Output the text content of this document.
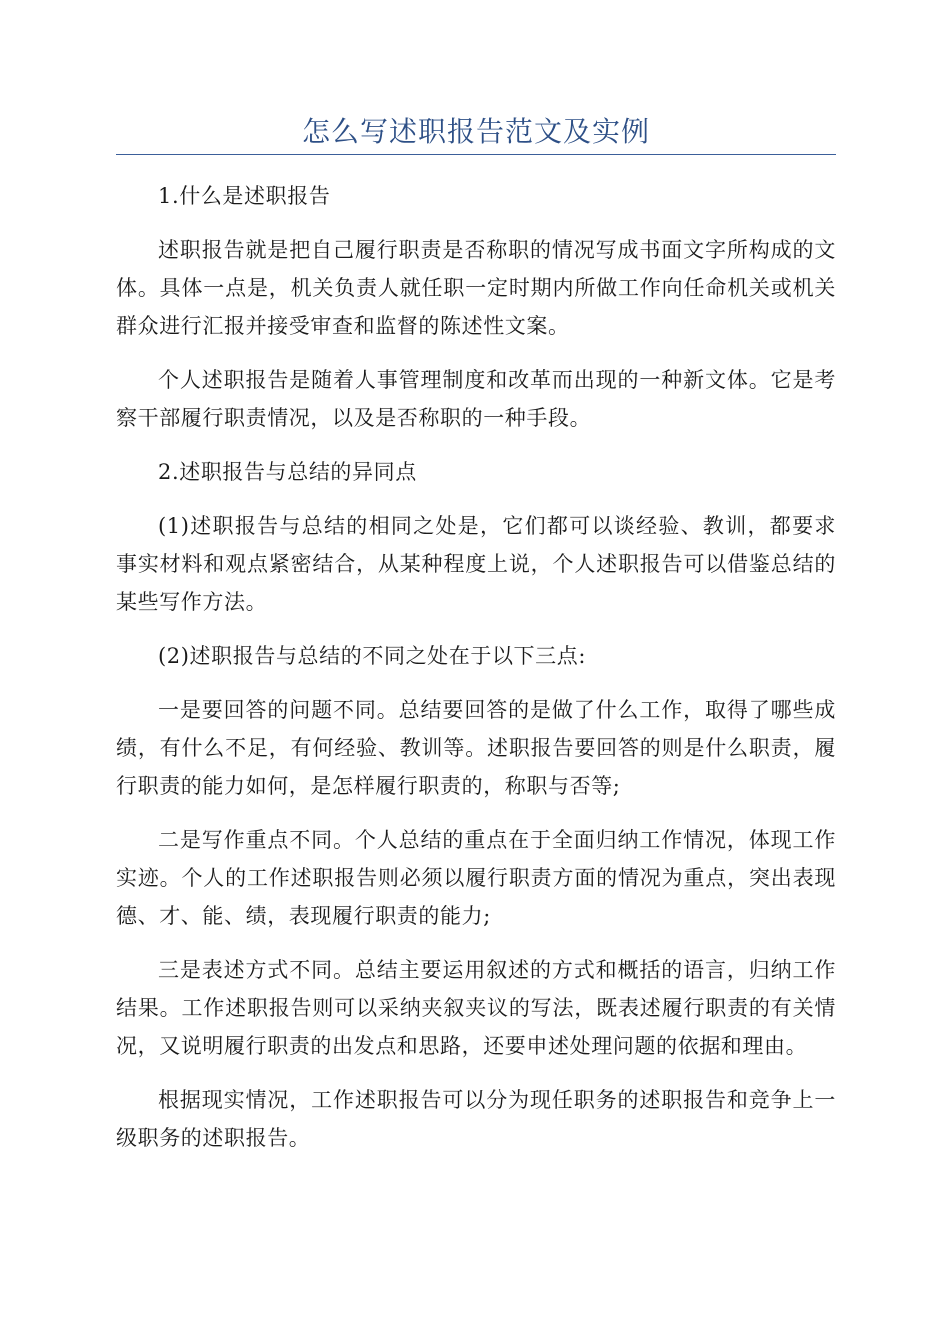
怎么写述职报告范文及实例

1.什么是述职报告

述职报告就是把自己履行职责是否称职的情况写成书面文字所构成的文体。具体一点是，机关负责人就任职一定时期内所做工作向任命机关或机关群众进行汇报并接受审查和监督的陈述性文案。

个人述职报告是随着人事管理制度和改革而出现的一种新文体。它是考察干部履行职责情况，以及是否称职的一种手段。

2.述职报告与总结的异同点

(1)述职报告与总结的相同之处是，它们都可以谈经验、教训，都要求事实材料和观点紧密结合，从某种程度上说，个人述职报告可以借鉴总结的某些写作方法。

(2)述职报告与总结的不同之处在于以下三点:

一是要回答的问题不同。总结要回答的是做了什么工作，取得了哪些成绩，有什么不足，有何经验、教训等。述职报告要回答的则是什么职责，履行职责的能力如何，是怎样履行职责的，称职与否等;

二是写作重点不同。个人总结的重点在于全面归纳工作情况，体现工作实迹。个人的工作述职报告则必须以履行职责方面的情况为重点，突出表现德、才、能、绩，表现履行职责的能力;

三是表述方式不同。总结主要运用叙述的方式和概括的语言，归纳工作结果。工作述职报告则可以采纳夹叙夹议的写法，既表述履行职责的有关情况，又说明履行职责的出发点和思路，还要申述处理问题的依据和理由。

根据现实情况，工作述职报告可以分为现任职务的述职报告和竞争上一级职务的述职报告。
